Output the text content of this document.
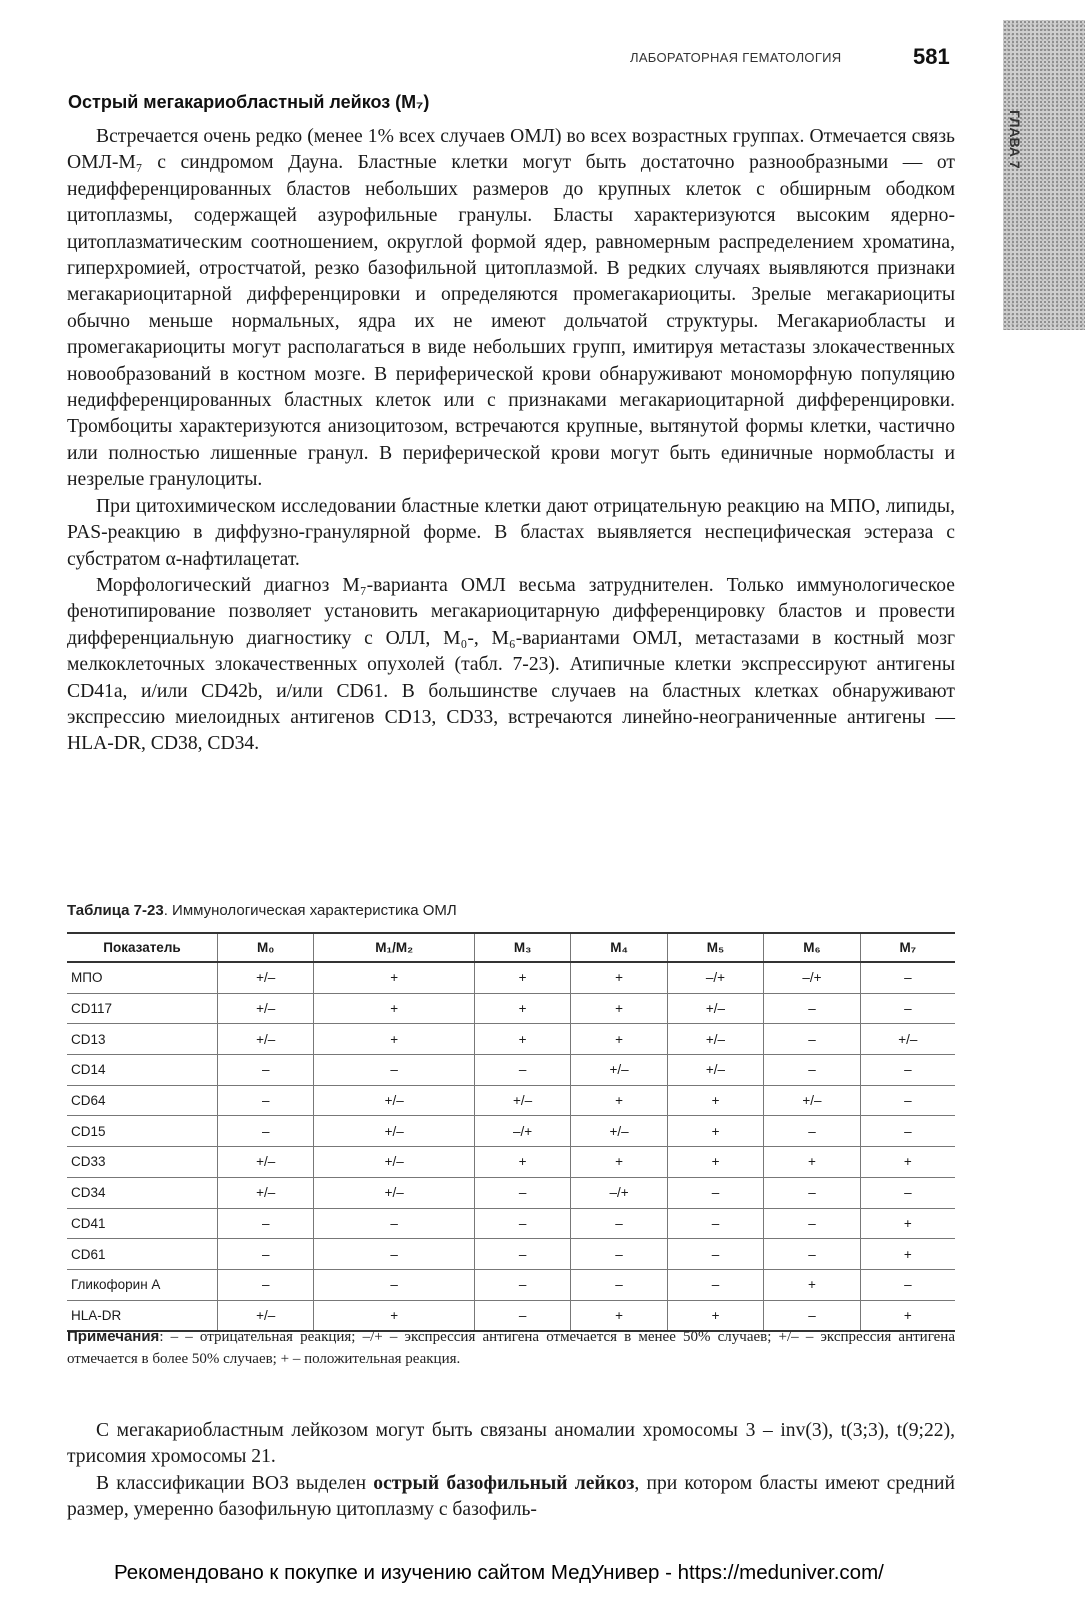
ГЛАВА 7
ЛАБОРАТОРНАЯ ГЕМАТОЛОГИЯ	581
Острый мегакариобластный лейкоз (M₇)

Встречается очень редко (менее 1% всех случаев ОМЛ) во всех возрастных группах. Отмечается связь ОМЛ-М₇ с синдромом Дауна. Бластные клетки могут быть достаточно разнообразными — от недифференцированных бластов небольших размеров до крупных клеток с обширным ободком цитоплазмы, содержащей азурофильные гранулы. Бласты характеризуются высоким ядерно-цитоплазматическим соотношением, округлой формой ядер, равномерным распределением хроматина, гиперхромией, отростчатой, резко базофильной цитоплазмой. В редких случаях выявляются признаки мегакариоцитарной дифференцировки и определяются промегакариоциты. Зрелые мегакариоциты обычно меньше нормальных, ядра их не имеют дольчатой структуры. Мегакариобласты и промегакариоциты могут располагаться в виде небольших групп, имитируя метастазы злокачественных новообразований в костном мозге. В периферической крови обнаруживают мономорфную популяцию недифференцированных бластных клеток или с признаками мегакариоцитарной дифференцировки. Тромбоциты характеризуются анизоцитозом, встречаются крупные, вытянутой формы клетки, частично или полностью лишенные гранул. В периферической крови могут быть единичные нормобласты и незрелые гранулоциты.

При цитохимическом исследовании бластные клетки дают отрицательную реакцию на МПО, липиды, PAS-реакцию в диффузно-гранулярной форме. В бластах выявляется неспецифическая эстераза с субстратом α-нафтилацетат.

Морфологический диагноз М₇-варианта ОМЛ весьма затруднителен. Только иммунологическое фенотипирование позволяет установить мегакариоцитарную дифференцировку бластов и провести дифференциальную диагностику с ОЛЛ, М₀-, М₆-вариантами ОМЛ, метастазами в костный мозг мелкоклеточных злокачественных опухолей (табл. 7-23). Атипичные клетки экспрессируют антигены CD41a, и/или CD42b, и/или CD61. В большинстве случаев на бластных клетках обнаруживают экспрессию миелоидных антигенов CD13, CD33, встречаются линейно-неограниченные антигены — HLA-DR, CD38, CD34.

Таблица 7-23. Иммунологическая характеристика ОМЛ
Показатель	M₀	M₁/M₂	M₃	M₄	M₅	M₆	M₇
МПО	+/–	+	+	+	–/+	–/+	–
CD117	+/–	+	+	+	+/–	–	–
CD13	+/–	+	+	+	+/–	–	+/–
CD14	–	–	–	+/–	+/–	–	–
CD64	–	+/–	+/–	+	+	+/–	–
CD15	–	+/–	–/+	+/–	+	–	–
CD33	+/–	+/–	+	+	+	+	+
CD34	+/–	+/–	–	–/+	–	–	–
CD41	–	–	–	–	–	–	+
CD61	–	–	–	–	–	–	+
Гликофорин А	–	–	–	–	–	+	–
HLA-DR	+/–	+	–	+	+	–	+
Примечания: – – отрицательная реакция; –/+ – экспрессия антигена отмечается в менее 50% случаев; +/– – экспрессия антигена отмечается в более 50% случаев; + – положительная реакция.

С мегакариобластным лейкозом могут быть связаны аномалии хромосомы 3 – inv(3), t(3;3), t(9;22), трисомия хромосомы 21.

В классификации ВОЗ выделен острый базофильный лейкоз, при котором бласты имеют средний размер, умеренно базофильную цитоплазму с базофиль-

Рекомендовано к покупке и изучению сайтом МедУнивер - https://meduniver.com/
